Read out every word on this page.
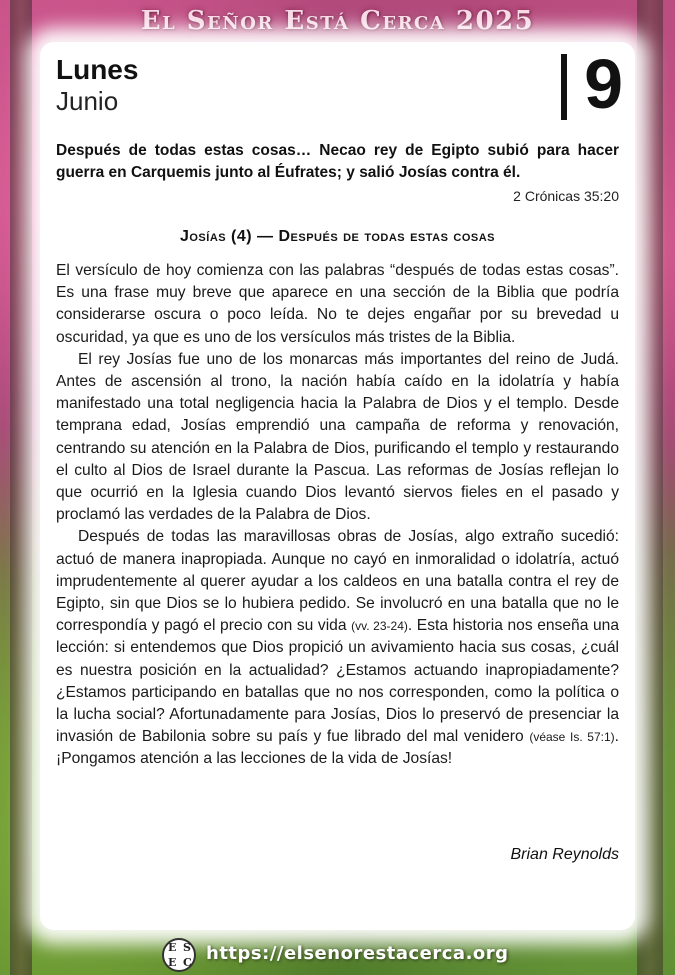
El Señor Está Cerca 2025
Lunes
Junio	9
Después de todas estas cosas… Necao rey de Egipto subió para hacer guerra en Carquemis junto al Éufrates; y salió Josías contra él.
2 Crónicas 35:20
Josías (4) — Después de todas estas cosas

El versículo de hoy comienza con las palabras “después de todas estas cosas”. Es una frase muy breve que aparece en una sección de la Biblia que podría considerarse oscura o poco leída. No te dejes engañar por su brevedad u oscuridad, ya que es uno de los versículos más tristes de la Biblia.

El rey Josías fue uno de los monarcas más importantes del reino de Judá. Antes de ascensión al trono, la nación había caído en la idolatría y había manifestado una total negligencia hacia la Palabra de Dios y el templo. Desde temprana edad, Josías emprendió una campaña de reforma y renovación, centrando su atención en la Palabra de Dios, purificando el templo y restaurando el culto al Dios de Israel durante la Pascua. Las reformas de Josías reflejan lo que ocurrió en la Iglesia cuando Dios levantó siervos fieles en el pasado y proclamó las verdades de la Palabra de Dios.

Después de todas las maravillosas obras de Josías, algo extraño sucedió: actuó de manera inapropiada. Aunque no cayó en inmoralidad o idolatría, actuó imprudentemente al querer ayudar a los caldeos en una batalla contra el rey de Egipto, sin que Dios se lo hubiera pedido. Se involucró en una batalla que no le correspondía y pagó el precio con su vida (vv. 23-24). Esta historia nos enseña una lección: si entendemos que Dios propició un avivamiento hacia sus cosas, ¿cuál es nuestra posición en la actualidad? ¿Estamos actuando inapropiadamente? ¿Estamos participando en batallas que no nos corresponden, como la política o la lucha social? Afortunadamente para Josías, Dios lo preservó de presenciar la invasión de Babilonia sobre su país y fue librado del mal venidero (véase Is. 57:1). ¡Pongamos atención a las lecciones de la vida de Josías!

Brian Reynolds
E S
E C https://elsenorestacerca.org
